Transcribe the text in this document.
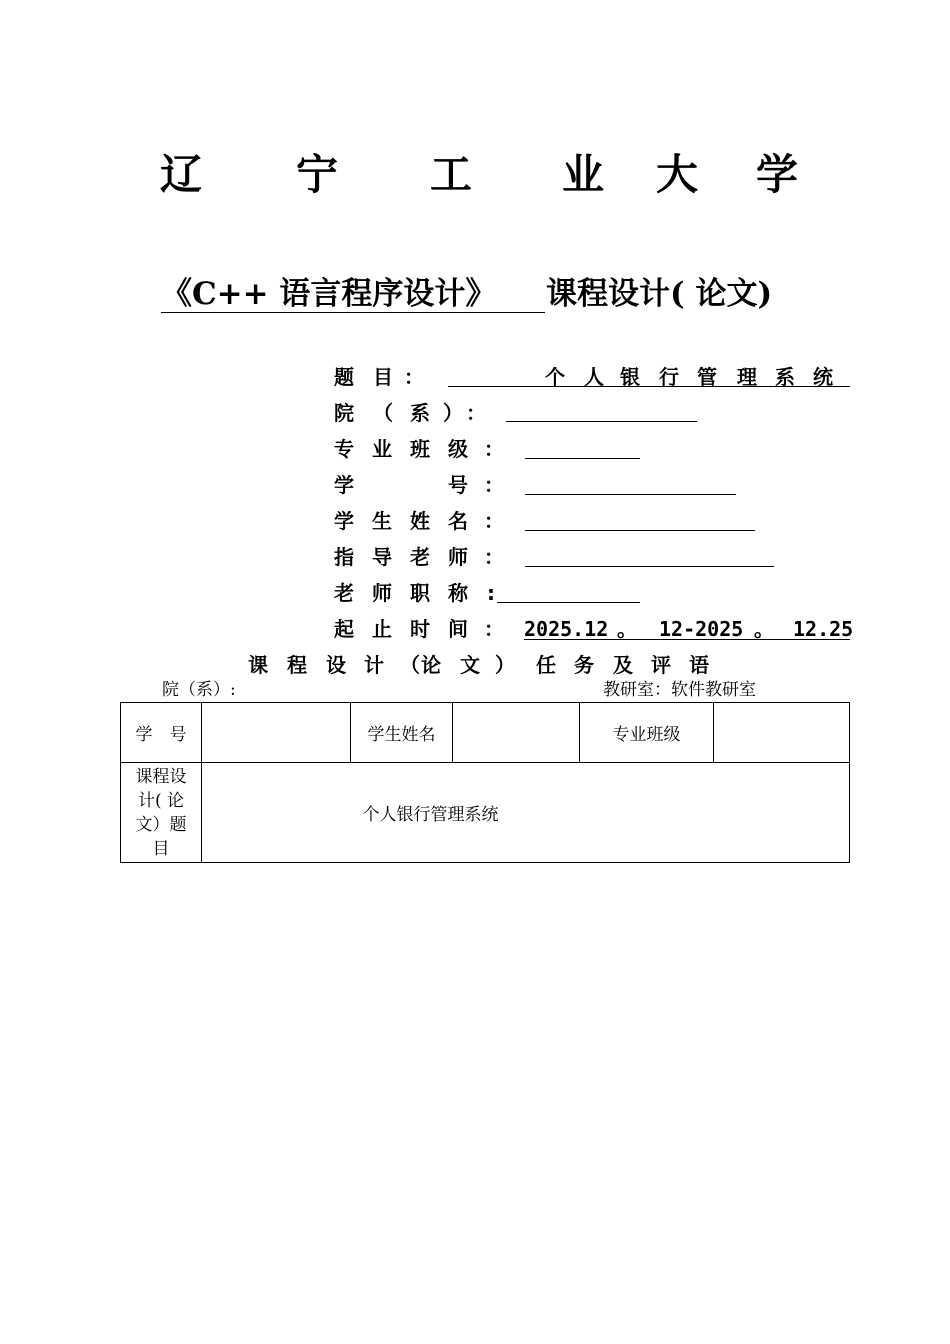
辽 宁 工 业 大 学
《C++ 语言程序设计》 课程设计( 论文)
题 目 ：	个 人 银 行 管 理 系 统
院 （ 系 ） ：
专 业 班 级 ：
学	号 ：
学 生 姓 名 ：
指 导 老 师 ：
老 师 职 称 :
起 止 时 间 ： 2025.12 。 12-2025 。 12.25
课 程 设 计 （ 论 文 ） 任 务 及 评 语
院（系）:	教研室：软件教研室
学　号		学生姓名		专业班级	

课程设
计( 论
文）题
目	个人银行管理系统				
